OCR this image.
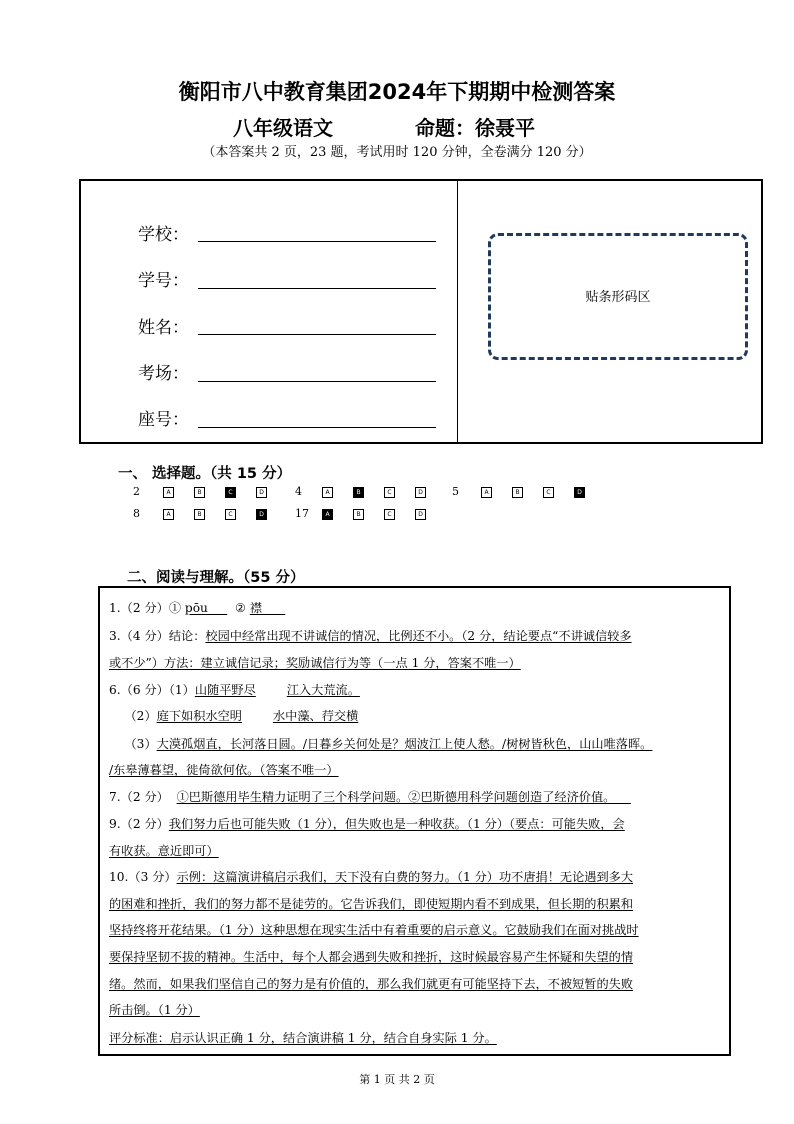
衡阳市八中教育集团2024年下期期中检测答案
八年级语文	命题：徐聂平
（本答案共 2 页，23 题，考试用时 120 分钟，全卷满分 120 分）
学校：
学号：
姓名：
考场：
座号：
贴条形码区
一、 选择题。（共 15 分）
2	A	B	C	D	4	A	B	C	D	5	A	B	C	D
8	A	B	C	D	17	A	B	C	D
二、阅读与理解。（55 分）
1.（2 分）① pōu       ② 襟
3.（4 分）结论：校园中经常出现不讲诚信的情况，比例还不小。（2 分，结论要点“不讲诚信较多
或不少”）方法：建立诚信记录；奖励诚信行为等（一点 1 分，答案不唯一）
6.（6 分）（1）山随平野尽	江入大荒流。
（2）庭下如积水空明	水中藻、荇交横
（3）大漠孤烟直，长河落日圆。/日暮乡关何处是？烟波江上使人愁。/树树皆秋色，山山唯落晖。
/东皋薄暮望，徙倚欲何依。（答案不唯一）
7.（2 分）  ①巴斯德用毕生精力证明了三个科学问题。②巴斯德用科学问题创造了经济价值。
9.（2 分）我们努力后也可能失败（1 分），但失败也是一种收获。（1 分）（要点：可能失败，会
有收获。意近即可）
10.（3 分）示例：这篇演讲稿启示我们，天下没有白费的努力。（1 分）功不唐捐！无论遇到多大
的困难和挫折，我们的努力都不是徒劳的。它告诉我们，即使短期内看不到成果，但长期的积累和
坚持终将开花结果。（1 分）这种思想在现实生活中有着重要的启示意义。它鼓励我们在面对挑战时
要保持坚韧不拔的精神。生活中，每个人都会遇到失败和挫折，这时候最容易产生怀疑和失望的情
绪。然而，如果我们坚信自己的努力是有价值的，那么我们就更有可能坚持下去，不被短暂的失败
所击倒。（1 分）
评分标准：启示认识正确 1 分，结合演讲稿 1 分，结合自身实际 1 分。
第 1 页 共 2 页
